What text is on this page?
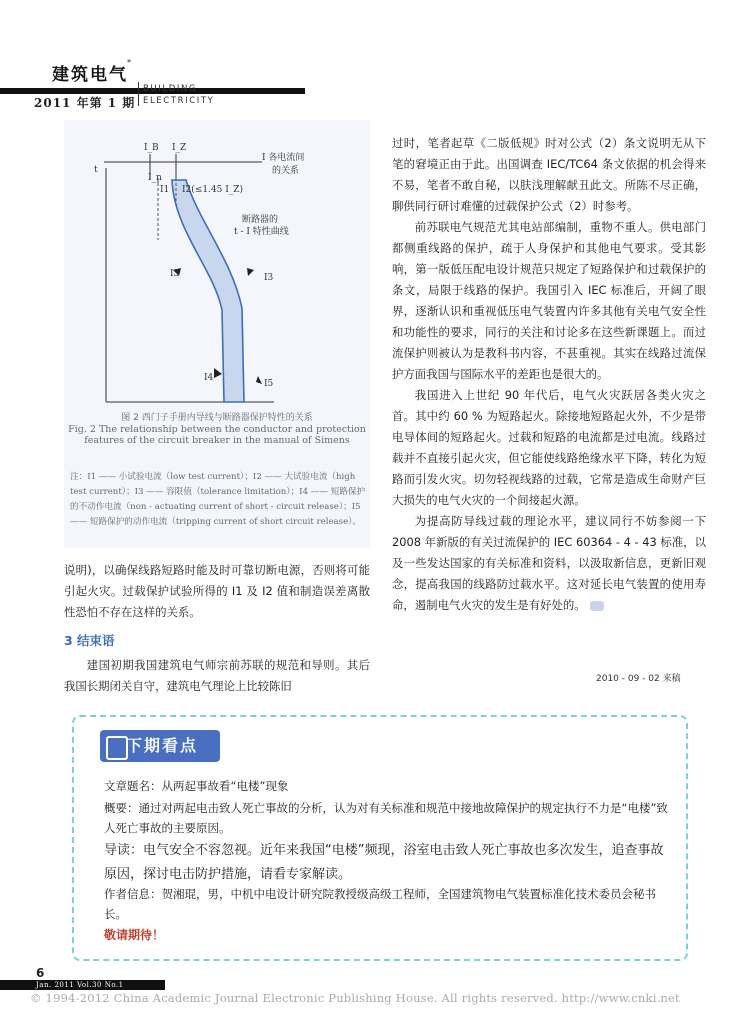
建筑电气
*
2011 年第 1 期
BUILDING
ELECTRICITY
I_B I_Z
t
I_n
I 各电流间
的关系
I1 I2(≤1.45 I_Z)
断路器的
t - I 特性曲线
I3	I3
I4
I5
图 2 西门子手册内导线与断路器保护特性的关系
Fig. 2 The relationship between the conductor and protection features of the circuit breaker in the manual of Simens
注：I1 —— 小试验电流（low test current）；I2 —— 大试验电流（high test current）；I3 —— 容限值（tolerance limitation）；I4 —— 短路保护的不动作电流（non - actuating current of short - circuit release）；I5 —— 短路保护的动作电流（tripping current of short circuit release）。
过时，笔者起草《二版低规》时对公式（2）条文说明无从下笔的窘境正由于此。出国调查 IEC/TC64 条文依据的机会得来不易，笔者不敢自秘，以肤浅理解献丑此文。所陈不尽正确，聊供同行研讨难懂的过载保护公式（2）时参考。
前苏联电气规范尤其电站部编制，重物不重人。供电部门都侧重线路的保护，疏于人身保护和其他电气要求。受其影响，第一版低压配电设计规范只规定了短路保护和过载保护的条文，局限于线路的保护。我国引入 IEC 标准后，开阔了眼界，逐渐认识和重视低压电气装置内许多其他有关电气安全性和功能性的要求，同行的关注和讨论多在这些新课题上。而过流保护则被认为是教科书内容，不甚重视。其实在线路过流保护方面我国与国际水平的差距也是很大的。
我国进入上世纪 90 年代后，电气火灾跃居各类火灾之首。其中约 60 % 为短路起火。除接地短路起火外，不少是带电导体间的短路起火。过载和短路的电流都是过电流。线路过载并不直接引起火灾，但它能使线路绝缘水平下降，转化为短路而引发火灾。切勿轻视线路的过载，它常是造成生命财产巨大损失的电气火灾的一个间接起火源。
为提高防导线过载的理论水平，建议同行不妨参阅一下 2008 年新版的有关过流保护的 IEC 60364 - 4 - 43 标准，以及一些发达国家的有关标准和资料，以汲取新信息，更新旧观念，提高我国的线路防过载水平。这对延长电气装置的使用寿命，遏制电气火灾的发生是有好处的。
2010 - 09 - 02 来稿
说明)，以确保线路短路时能及时可靠切断电源，否则将可能引起火灾。过载保护试验所得的 I1 及 I2 值和制造误差离散性恐怕不存在这样的关系。
3 结束语
建国初期我国建筑电气师宗前苏联的规范和导则。其后我国长期闭关自守，建筑电气理论上比较陈旧
下期看点
文章题名：从两起事故看“电楼”现象
概要：通过对两起电击致人死亡事故的分析，认为对有关标准和规范中接地故障保护的规定执行不力是“电楼”致人死亡事故的主要原因。
导读：电气安全不容忽视。近年来我国“电楼”频现，浴室电击致人死亡事故也多次发生，追查事故原因，探讨电击防护措施，请看专家解读。
作者信息：贺湘琨，男，中机中电设计研究院教授级高级工程师，全国建筑物电气装置标准化技术委员会秘书长。
敬请期待！
6
Jan. 2011 Vol.30 No.1
© 1994-2012 China Academic Journal Electronic Publishing House. All rights reserved. http://www.cnki.net
